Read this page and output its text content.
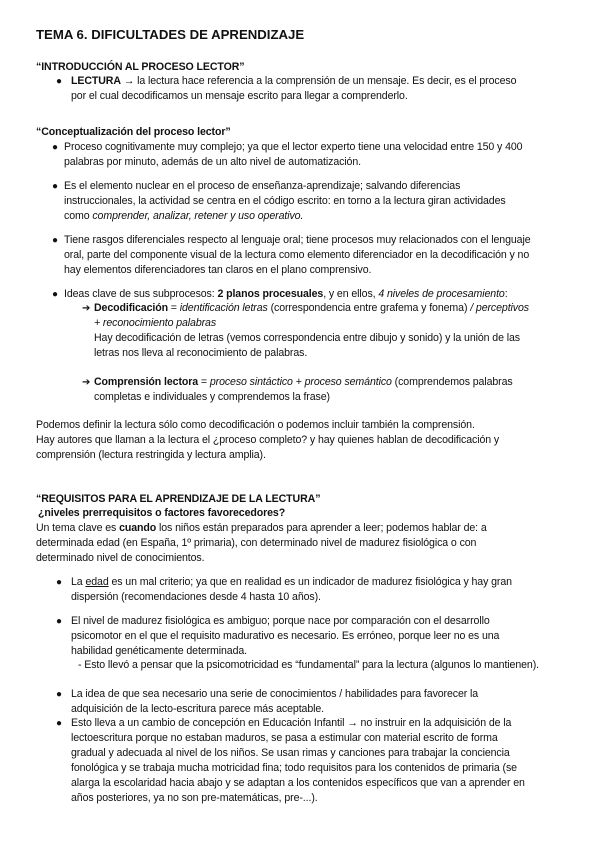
TEMA 6. DIFICULTADES DE APRENDIZAJE
“INTRODUCCIÓN AL PROCESO LECTOR”
● LECTURA → la lectura hace referencia a la comprensión de un mensaje. Es decir, es el proceso
por el cual decodificamos un mensaje escrito para llegar a comprenderlo.
“Conceptualización del proceso lector”
● Proceso cognitivamente muy complejo; ya que el lector experto tiene una velocidad entre 150 y 400
palabras por minuto, además de un alto nivel de automatización.
● Es el elemento nuclear en el proceso de enseñanza-aprendizaje; salvando diferencias
instruccionales, la actividad se centra en el código escrito: en torno a la lectura giran actividades
como comprender, analizar, retener y uso operativo.
● Tiene rasgos diferenciales respecto al lenguaje oral; tiene procesos muy relacionados con el lenguaje
oral, parte del componente visual de la lectura como elemento diferenciador en la decodificación y no
hay elementos diferenciadores tan claros en el plano comprensivo.
● Ideas clave de sus subprocesos: 2 planos procesuales, y en ellos, 4 niveles de procesamiento:
➔ Decodificación = identificación letras (correspondencia entre grafema y fonema) / perceptivos
+ reconocimiento palabras
Hay decodificación de letras (vemos correspondencia entre dibujo y sonido) y la unión de las
letras nos lleva al reconocimiento de palabras.
➔ Comprensión lectora = proceso sintáctico + proceso semántico (comprendemos palabras
completas e individuales y comprendemos la frase)
Podemos definir la lectura sólo como decodificación o podemos incluir también la comprensión.
Hay autores que llaman a la lectura el ¿proceso completo? y hay quienes hablan de decodificación y
comprensión (lectura restringida y lectura amplia).
“REQUISITOS PARA EL APRENDIZAJE DE LA LECTURA”
¿niveles prerrequisitos o factores favorecedores?
Un tema clave es cuando los niños están preparados para aprender a leer; podemos hablar de: a
determinada edad (en España, 1º primaria), con determinado nivel de madurez fisiológica o con
determinado nivel de conocimientos.
● La edad es un mal criterio; ya que en realidad es un indicador de madurez fisiológica y hay gran
dispersión (recomendaciones desde 4 hasta 10 años).
● El nivel de madurez fisiológica es ambiguo; porque nace por comparación con el desarrollo
psicomotor en el que el requisito madurativo es necesario. Es erróneo, porque leer no es una
habilidad genéticamente determinada.
- Esto llevó a pensar que la psicomotricidad es “fundamental” para la lectura (algunos lo mantienen).
● La idea de que sea necesario una serie de conocimientos / habilidades para favorecer la
adquisición de la lecto-escritura parece más aceptable.
● Esto lleva a un cambio de concepción en Educación Infantil → no instruir en la adquisición de la
lectoescritura porque no estaban maduros, se pasa a estimular con material escrito de forma
gradual y adecuada al nivel de los niños. Se usan rimas y canciones para trabajar la conciencia
fonológica y se trabaja mucha motricidad fina; todo requisitos para los contenidos de primaria (se
alarga la escolaridad hacia abajo y se adaptan a los contenidos específicos que van a aprender en
años posteriores, ya no son pre-matemáticas, pre-...).
